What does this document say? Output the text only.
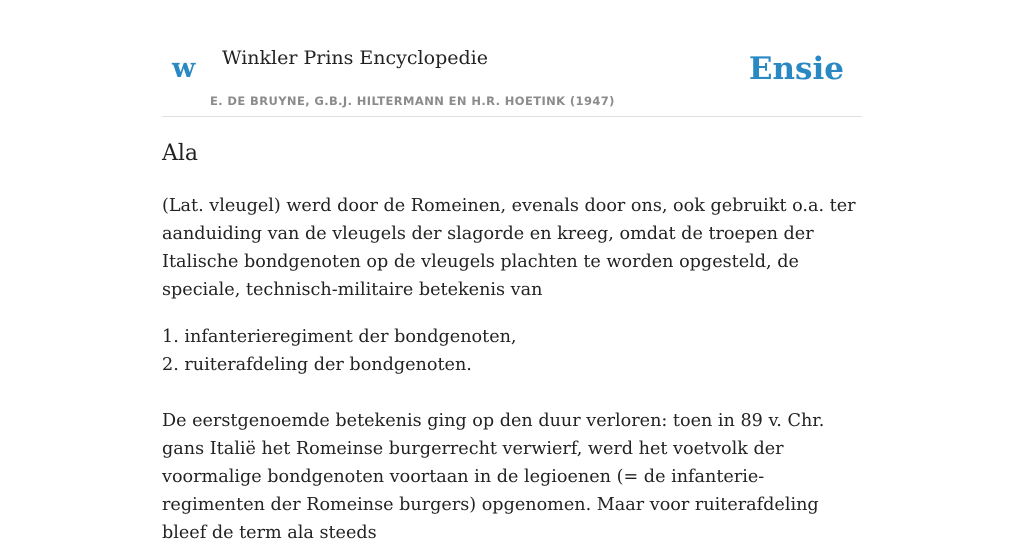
w Winkler Prins Encyclopedie
E. DE BRUYNE, G.B.J. HILTERMANN EN H.R. HOETINK (1947)
Ensie
Ala

(Lat. vleugel) werd door de Romeinen, evenals door ons, ook gebruikt o.a. ter aanduiding van de vleugels der slagorde en kreeg, omdat de troepen der Italische bondgenoten op de vleugels plachten te worden opgesteld, de speciale, technisch-militaire betekenis van

1. infanterieregiment der bondgenoten,
2. ruiterafdeling der bondgenoten.

De eerstgenoemde betekenis ging op den duur verloren: toen in 89 v. Chr. gans Italië het Romeinse burgerrecht verwierf, werd het voetvolk der voormalige bondgenoten voortaan in de legioenen (= de infanterie-regimenten der Romeinse burgers) opgenomen. Maar voor ruiterafdeling bleef de term ala steeds
